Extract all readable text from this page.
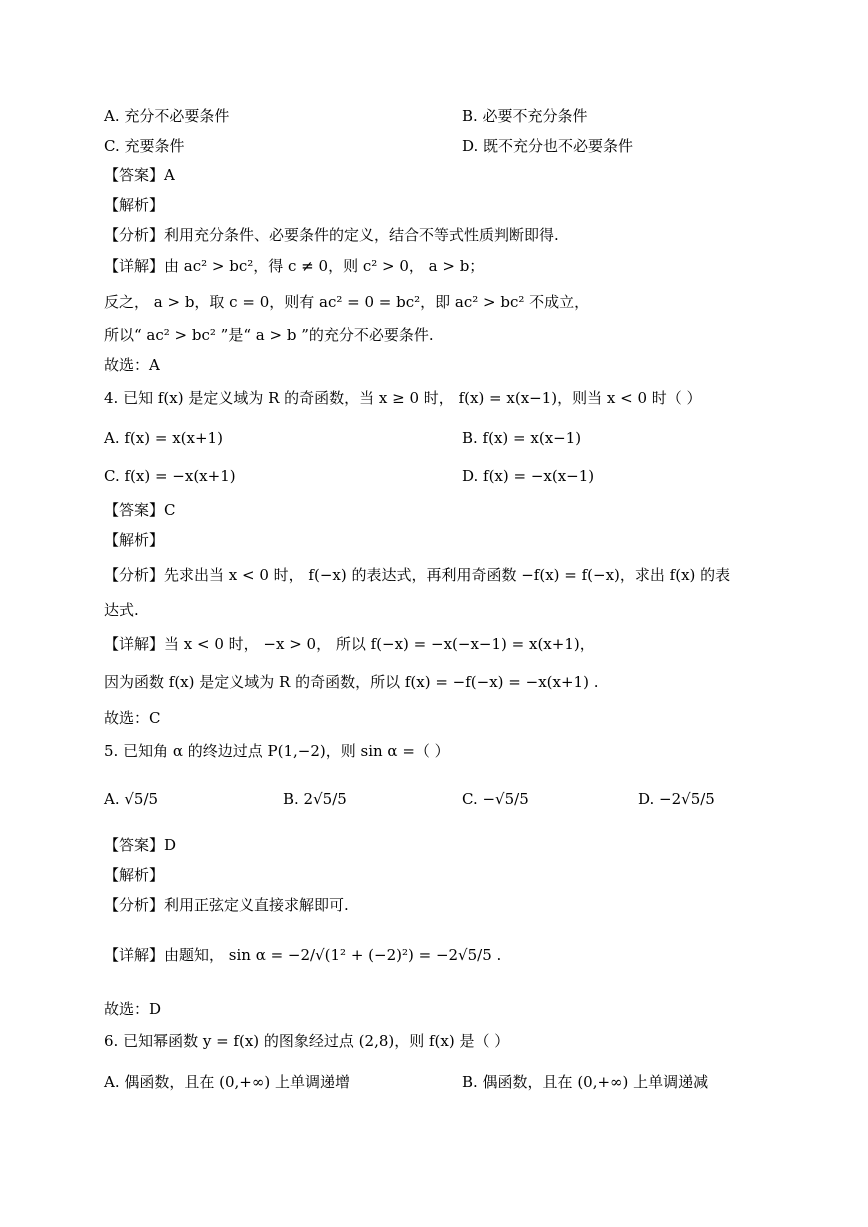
A. 充分不必要条件	B. 必要不充分条件
C. 充要条件	D. 既不充分也不必要条件
【答案】A
【解析】
【分析】利用充分条件、必要条件的定义，结合不等式性质判断即得.
【详解】由 ac² > bc²，得 c ≠ 0，则 c² > 0， a > b；
反之， a > b，取 c = 0，则有 ac² = 0 = bc²，即 ac² > bc² 不成立，
所以“ ac² > bc² ”是“ a > b ”的充分不必要条件.
故选：A
4. 已知 f(x) 是定义域为 R 的奇函数，当 x ≥ 0 时， f(x) = x(x−1)，则当 x < 0 时（ ）
A. f(x) = x(x+1)	B. f(x) = x(x−1)
C. f(x) = −x(x+1)	D. f(x) = −x(x−1)
【答案】C
【解析】
【分析】先求出当 x < 0 时， f(−x) 的表达式，再利用奇函数 −f(x) = f(−x)，求出 f(x) 的表
达式.
【详解】当 x < 0 时， −x > 0， 所以 f(−x) = −x(−x−1) = x(x+1)，
因为函数 f(x) 是定义域为 R 的奇函数，所以 f(x) = −f(−x) = −x(x+1) .
故选：C
5. 已知角 α 的终边过点 P(1,−2)，则 sin α =（ ）
A. √5/5	B. 2√5/5	C. −√5/5	D. −2√5/5
【答案】D
【解析】
【分析】利用正弦定义直接求解即可.
【详解】由题知， sin α = −2/√(1² + (−2)²) = −2√5/5 .
故选：D
6. 已知幂函数 y = f(x) 的图象经过点 (2,8)，则 f(x) 是（ ）
A. 偶函数，且在 (0,+∞) 上单调递增	B. 偶函数，且在 (0,+∞) 上单调递减
